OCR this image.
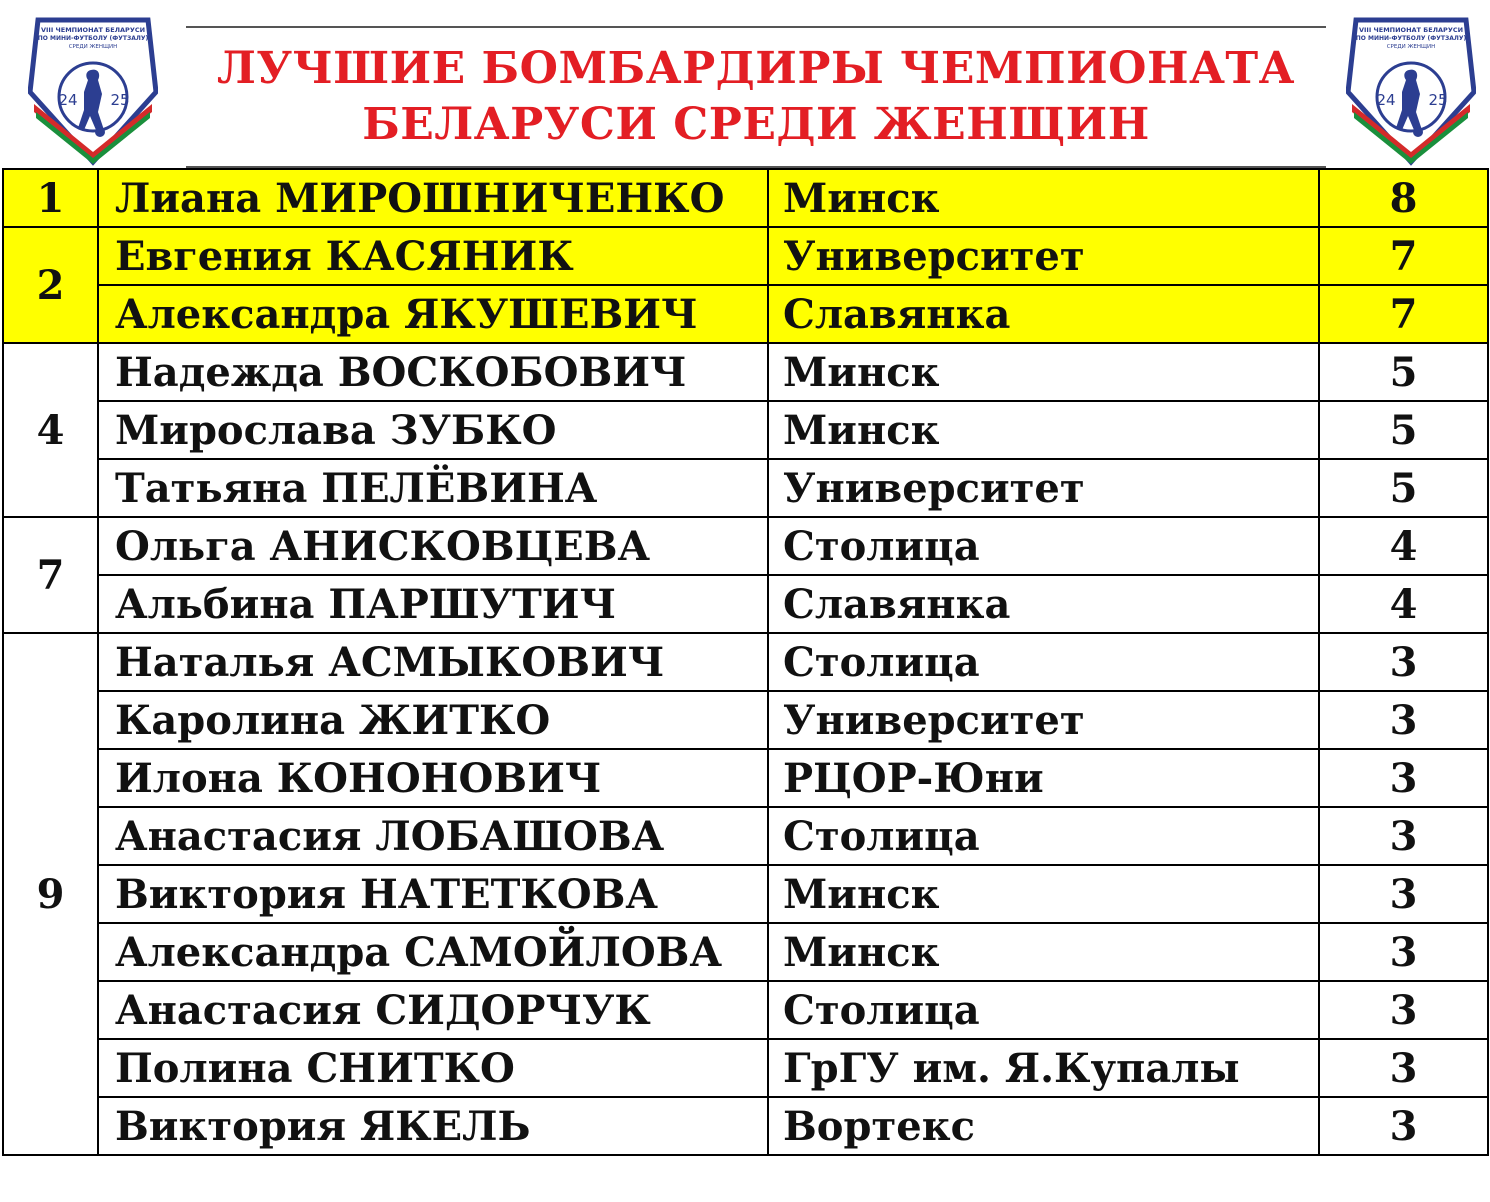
VIII ЧЕМПИОНАТ БЕЛАРУСИ
ПО МИНИ-ФУТБОЛУ (ФУТЗАЛУ)
СРЕДИ ЖЕНЩИН
24 25
VIII ЧЕМПИОНАТ БЕЛАРУСИ
ПО МИНИ-ФУТБОЛУ (ФУТЗАЛУ)
СРЕДИ ЖЕНЩИН
24 25
ЛУЧШИЕ БОМБАРДИРЫ ЧЕМПИОНАТА
БЕЛАРУСИ СРЕДИ ЖЕНЩИН
1	Лиана МИРОШНИЧЕНКО	Минск	8
2	Евгения КАСЯНИК	Университет	7
	Александра ЯКУШЕВИЧ	Славянка	7
4	Надежда ВОСКОБОВИЧ	Минск	5
	Мирослава ЗУБКО	Минск	5
	Татьяна ПЕЛЁВИНА	Университет	5
7	Ольга АНИСКОВЦЕВА	Столица	4
	Альбина ПАРШУТИЧ	Славянка	4
9	Наталья АСМЫКОВИЧ	Столица	3
	Каролина ЖИТКО	Университет	3
	Илона КОНОНОВИЧ	РЦОР-Юни	3
	Анастасия ЛОБАШОВА	Столица	3
	Виктория НАТЕТКОВА	Минск	3
	Александра САМОЙЛОВА	Минск	3
	Анастасия СИДОРЧУК	Столица	3
	Полина СНИТКО	ГрГУ им. Я.Купалы	3
	Виктория ЯКЕЛЬ	Вортекс	3
